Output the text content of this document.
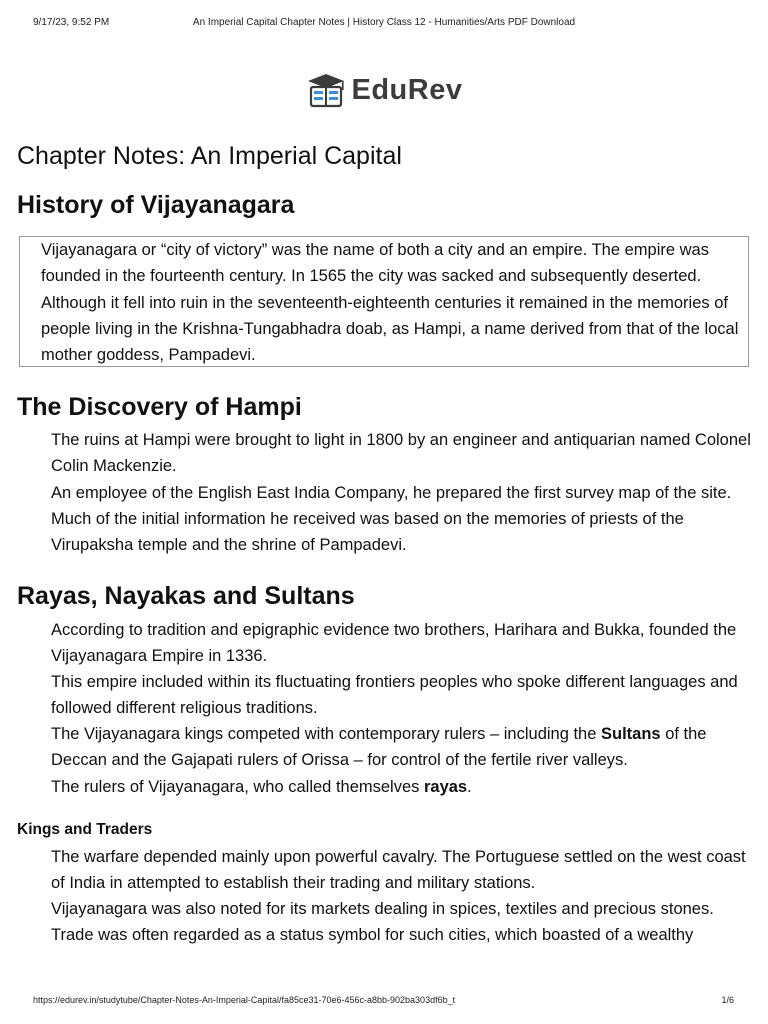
9/17/23, 9:52 PM	An Imperial Capital Chapter Notes | History Class 12 - Humanities/Arts PDF Download
EduRev
Chapter Notes: An Imperial Capital
History of Vijayanagara

Vijayanagara or “city of victory” was the name of both a city and an empire. The empire was founded in the fourteenth century. In 1565 the city was sacked and subsequently deserted. Although it fell into ruin in the seventeenth-eighteenth centuries it remained in the memories of people living in the Krishna-Tungabhadra doab, as Hampi, a name derived from that of the local mother goddess, Pampadevi.

The Discovery of Hampi

The ruins at Hampi were brought to light in 1800 by an engineer and antiquarian named Colonel Colin Mackenzie.

An employee of the English East India Company, he prepared the first survey map of the site. Much of the initial information he received was based on the memories of priests of the Virupaksha temple and the shrine of Pampadevi.

Rayas, Nayakas and Sultans

According to tradition and epigraphic evidence two brothers, Harihara and Bukka, founded the Vijayanagara Empire in 1336.

This empire included within its fluctuating frontiers peoples who spoke different languages and followed different religious traditions.

The Vijayanagara kings competed with contemporary rulers – including the Sultans of the Deccan and the Gajapati rulers of Orissa – for control of the fertile river valleys.

The rulers of Vijayanagara, who called themselves rayas.

Kings and Traders

The warfare depended mainly upon powerful cavalry. The Portuguese settled on the west coast of India in attempted to establish their trading and military stations.

Vijayanagara was also noted for its markets dealing in spices, textiles and precious stones.

Trade was often regarded as a status symbol for such cities, which boasted of a wealthy

https://edurev.in/studytube/Chapter-Notes-An-Imperial-Capital/fa85ce31-70e6-456c-a8bb-902ba303df6b_t	1/6
